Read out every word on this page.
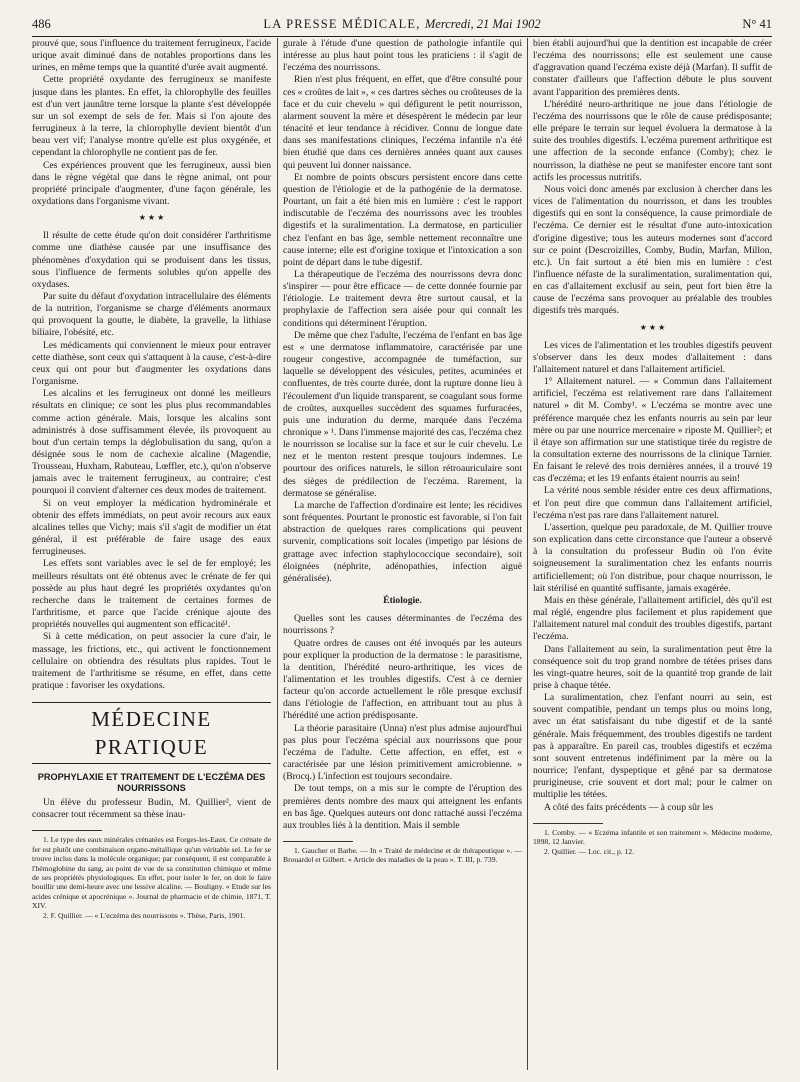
486	LA PRESSE MÉDICALE, Mercredi, 21 Mai 1902	N° 41

prouvé que, sous l'influence du traitement ferrugineux, l'acide urique avait diminué dans de notables proportions dans les urines, en même temps que la quantité d'urée avait augmenté.

Cette propriété oxydante des ferrugineux se manifeste jusque dans les plantes. En effet, la chlorophylle des feuilles est d'un vert jaunâtre terne lorsque la plante s'est développée sur un sol exempt de sels de fer. Mais si l'on ajoute des ferrugineux à la terre, la chlorophylle devient bientôt d'un beau vert vif; l'analyse montre qu'elle est plus oxygénée, et cependant la chlorophylle ne contient pas de fer.

Ces expériences prouvent que les ferrugineux, aussi bien dans le règne végétal que dans le règne animal, ont pour propriété principale d'augmenter, d'une façon générale, les oxydations dans l'organisme vivant.

★ ★ ★

Il résulte de cette étude qu'on doit considérer l'arthritisme comme une diathèse causée par une insuffisance des phénomènes d'oxydation qui se produisent dans les tissus, sous l'influence de ferments solubles qu'on appelle des oxydases.

Par suite du défaut d'oxydation intracellulaire des éléments de la nutrition, l'organisme se charge d'éléments anormaux qui provoquent la goutte, le diabète, la gravelle, la lithiase biliaire, l'obésité, etc.

Les médicaments qui conviennent le mieux pour entraver cette diathèse, sont ceux qui s'attaquent à la cause, c'est-à-dire ceux qui ont pour but d'augmenter les oxydations dans l'organisme.

Les alcalins et les ferrugineux ont donné les meilleurs résultats en clinique; ce sont les plus plus recommandables comme action générale. Mais, lorsque les alcalins sont administrés à dose suffisamment élevée, ils provoquent au bout d'un certain temps la déglobulisation du sang, qu'on a désignée sous le nom de cachexie alcaline (Magendie, Trousseau, Huxham, Rabuteau, Lœffler, etc.), qu'on n'observe jamais avec le traitement ferrugineux, au contraire; c'est pourquoi il convient d'alterner ces deux modes de traitement.

Si on veut employer la médication hydrominérale et obtenir des effets immédiats, on peut avoir recours aux eaux alcalines telles que Vichy; mais s'il s'agit de modifier un état général, il est préférable de faire usage des eaux ferrugineuses.

Les effets sont variables avec le sel de fer employé; les meilleurs résultats ont été obtenus avec le crénate de fer qui possède au plus haut degré les propriétés oxydantes qu'on recherche dans le traitement de certaines formes de l'arthritisme, et parce que l'acide crénique ajoute des propriétés nouvelles qui augmentent son efficacité¹.

Si à cette médication, on peut associer la cure d'air, le massage, les frictions, etc., qui activent le fonctionnement cellulaire on obtiendra des résultats plus rapides. Tout le traitement de l'arthritisme se résume, en effet, dans cette pratique : favoriser les oxydations.

MÉDECINE PRATIQUE
PROPHYLAXIE ET TRAITEMENT DE L'ECZÉMA DES NOURRISSONS

Un élève du professeur Budin, M. Quillier², vient de consacrer tout récemment sa thèse inau-

1. Le type des eaux minérales crénatées est Forges-les-Eaux. Ce crénate de fer est plutôt une combinaison organo-métallique qu'un véritable sel. Le fer se trouve inclus dans la molécule organique; par conséquent, il est comparable à l'hémoglobine du sang, au point de vue de sa constitution chimique et même de ses propriétés physiologiques. En effet, pour isoler le fer, on doit le faire bouillir une demi-heure avec une lessive alcaline. — Bouligny. « Etude sur les acides crénique et apocrénique ». Journal de pharmacie et de chimie, 1871, T. XIV.

2. F. Quillier. — « L'eczéma des nourrissons ». Thèse, Paris, 1901.

gurale à l'étude d'une question de pathologie infantile qui intéresse au plus haut point tous les praticiens : il s'agit de l'eczéma des nourrissons.

Rien n'est plus fréquent, en effet, que d'être consulté pour ces « croûtes de lait », « ces dartres sèches ou croûteuses de la face et du cuir chevelu » qui défigurent le petit nourrisson, alarment souvent la mère et désespèrent le médecin par leur ténacité et leur tendance à récidiver. Connu de longue date dans ses manifestations cliniques, l'eczéma infantile n'a été bien étudié que dans ces dernières années quant aux causes qui peuvent lui donner naissance.

Et nombre de points obscurs persistent encore dans cette question de l'étiologie et de la pathogénie de la dermatose. Pourtant, un fait a été bien mis en lumière : c'est le rapport indiscutable de l'eczéma des nourrissons avec les troubles digestifs et la suralimentation. La dermatose, en particulier chez l'enfant en bas âge, semble nettement reconnaître une cause interne; elle est d'origine toxique et l'intoxication a son point de départ dans le tube digestif.

La thérapeutique de l'eczéma des nourrissons devra donc s'inspirer — pour être efficace — de cette donnée fournie par l'étiologie. Le traitement devra être surtout causal, et la prophylaxie de l'affection sera aisée pour qui connaît les conditions qui déterminent l'éruption.

De même que chez l'adulte, l'eczéma de l'enfant en bas âge est « une dermatose inflammatoire, caractérisée par une rougeur congestive, accompagnée de tuméfaction, sur laquelle se développent des vésicules, petites, acuminées et confluentes, de très courte durée, dont la rupture donne lieu à l'écoulement d'un liquide transparent, se coagulant sous forme de croûtes, auxquelles succèdent des squames furfuracées, puis une induration du derme, marquée dans l'eczéma chronique » ¹. Dans l'immense majorité des cas, l'eczéma chez le nourrisson se localise sur la face et sur le cuir chevelu. Le nez et le menton restent presque toujours indemnes. Le pourtour des orifices naturels, le sillon rétroauriculaire sont des sièges de prédilection de l'eczéma. Rarement, la dermatose se généralise.

La marche de l'affection d'ordinaire est lente; les récidives sont fréquentes. Pourtant le pronostic est favorable, si l'on fait abstraction de quelques rares complications qui peuvent survenir, complications soit locales (impetigo par lésions de grattage avec infection staphylococcique secondaire), soit éloignées (néphrite, adénopathies, infection aiguë généralisée).

Étiologie.

Quelles sont les causes déterminantes de l'eczéma des nourrissons ?

Quatre ordres de causes ont été invoqués par les auteurs pour expliquer la production de la dermatose : le parasitisme, la dentition, l'hérédité neuro-arthritique, les vices de l'alimentation et les troubles digestifs. C'est à ce dernier facteur qu'on accorde actuellement le rôle presque exclusif dans l'étiologie de l'affection, en attribuant tout au plus à l'hérédité une action prédisposante.

La théorie parasitaire (Unna) n'est plus admise aujourd'hui pas plus pour l'eczéma spécial aux nourrissons que pour l'eczéma de l'adulte. Cette affection, en effet, est « caractérisée par une lésion primitivement amicrobienne. » (Brocq.) L'infection est toujours secondaire.

De tout temps, on a mis sur le compte de l'éruption des premières dents nombre des maux qui atteignent les enfants en bas âge. Quelques auteurs ont donc rattaché aussi l'eczéma aux troubles liés à la dentition. Mais il semble

1. Gaucher et Barbe. — In « Traité de médecine et de thérapeutique ». — Brouardel et Gilbert. « Article des maladies de la peau ». T. III, p. 739.

bien établi aujourd'hui que la dentition est incapable de créer l'eczéma des nourrissons; elle est seulement une cause d'aggravation quand l'eczéma existe déjà (Marfan). Il suffit de constater d'ailleurs que l'affection débute le plus souvent avant l'apparition des premières dents.

L'hérédité neuro-arthritique ne joue dans l'étiologie de l'eczéma des nourrissons que le rôle de cause prédisposante; elle prépare le terrain sur lequel évoluera la dermatose à la suite des troubles digestifs. L'eczéma purement arthritique est une affection de la seconde enfance (Comby); chez le nourrisson, la diathèse ne peut se manifester encore tant sont actifs les processus nutritifs.

Nous voici donc amenés par exclusion à chercher dans les vices de l'alimentation du nourrisson, et dans les troubles digestifs qui en sont la conséquence, la cause primordiale de l'eczéma. Ce dernier est le résultat d'une auto-intoxication d'origine digestive; tous les auteurs modernes sont d'accord sur ce point (Descroizilles, Comby, Budin, Marfan, Millon, etc.). Un fait surtout a été bien mis en lumière : c'est l'influence néfaste de la suralimentation, suralimentation qui, en cas d'allaitement exclusif au sein, peut fort bien être la cause de l'eczéma sans provoquer au préalable des troubles digestifs très marqués.

★ ★ ★

Les vices de l'alimentation et les troubles digestifs peuvent s'observer dans les deux modes d'allaitement : dans l'allaitement naturel et dans l'allaitement artificiel.

1° Allaitement naturel. — « Commun dans l'allaitement artificiel, l'eczéma est relativement rare dans l'allaitement naturel » dit M. Comby¹. « L'eczéma se montre avec une préférence marquée chez les enfants nourris au sein par leur mère ou par une nourrice mercenaire » riposte M. Quillier²; et il étaye son affirmation sur une statistique tirée du registre de la consultation externe des nourrissons de la clinique Tarnier. En faisant le relevé des trois dernières années, il a trouvé 19 cas d'eczéma; et les 19 enfants étaient nourris au sein!

La vérité nous semble résider entre ces deux affirmations, et l'on peut dire que commun dans l'allaitement artificiel, l'eczéma n'est pas rare dans l'allaitement naturel.

L'assertion, quelque peu paradoxale, de M. Quillier trouve son explication dans cette circonstance que l'auteur a observé à la consultation du professeur Budin où l'on évite soigneusement la suralimentation chez les enfants nourris artificiellement; où l'on distribue, pour chaque nourrisson, le lait stérilisé en quantité suffisante, jamais exagérée.

Mais en thèse générale, l'allaitement artificiel, dès qu'il est mal réglé, engendre plus facilement et plus rapidement que l'allaitement naturel mal conduit des troubles digestifs, partant l'eczéma.

Dans l'allaitement au sein, la suralimentation peut être la conséquence soit du trop grand nombre de tétées prises dans les vingt-quatre heures, soit de la quantité trop grande de lait prise à chaque tétée.

La suralimentation, chez l'enfant nourri au sein, est souvent compatible, pendant un temps plus ou moins long, avec un état satisfaisant du tube digestif et de la santé générale. Mais fréquemment, des troubles digestifs ne tardent pas à apparaître. En pareil cas, troubles digestifs et eczéma sont souvent entretenus indéfiniment par la mère ou la nourrice; l'enfant, dyspeptique et gêné par sa dermatose prurigineuse, crie souvent et dort mal; pour le calmer on multiplie les tétées.

A côté des faits précédents — à coup sûr les

1. Comby. — « Eczéma infantile et son traitement ». Médecine moderne, 1898, 12 Janvier.

2. Quillier. — Loc. cit., p. 12.
